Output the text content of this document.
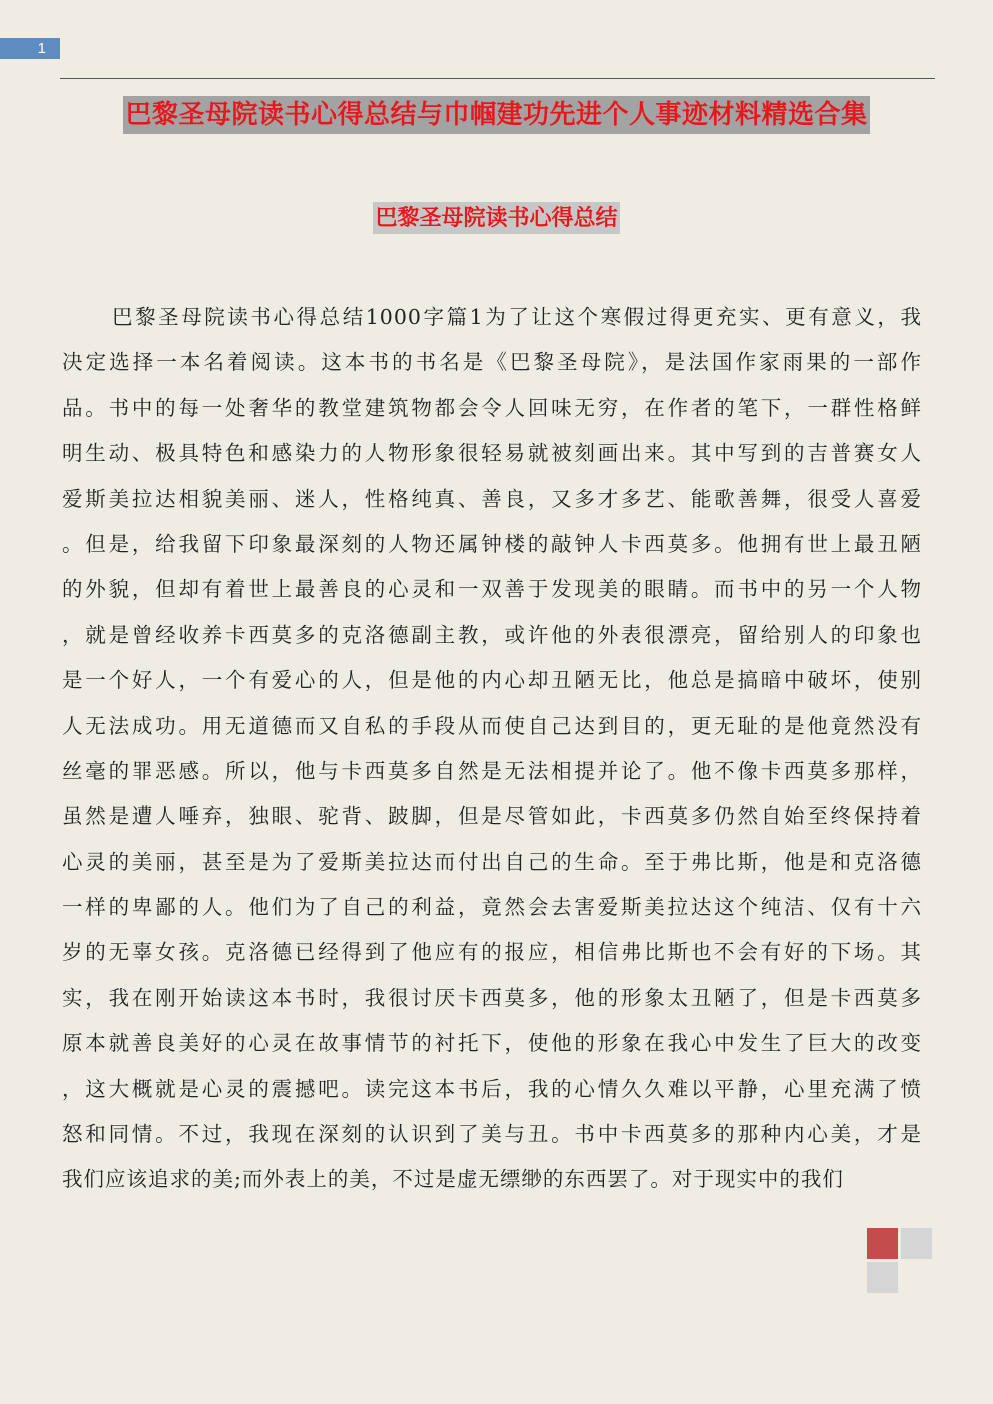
1
巴黎圣母院读书心得总结与巾帼建功先进个人事迹材料精选合集
巴黎圣母院读书心得总结
巴黎圣母院读书心得总结1000字篇1为了让这个寒假过得更充实、更有意义，我
决定选择一本名着阅读。这本书的书名是《巴黎圣母院》，是法国作家雨果的一部作
品。书中的每一处奢华的教堂建筑物都会令人回味无穷，在作者的笔下，一群性格鲜
明生动、极具特色和感染力的人物形象很轻易就被刻画出来。其中写到的吉普赛女人
爱斯美拉达相貌美丽、迷人，性格纯真、善良，又多才多艺、能歌善舞，很受人喜爱
。但是，给我留下印象最深刻的人物还属钟楼的敲钟人卡西莫多。他拥有世上最丑陋
的外貌，但却有着世上最善良的心灵和一双善于发现美的眼睛。而书中的另一个人物
，就是曾经收养卡西莫多的克洛德副主教，或许他的外表很漂亮，留给别人的印象也
是一个好人，一个有爱心的人，但是他的内心却丑陋无比，他总是搞暗中破坏，使别
人无法成功。用无道德而又自私的手段从而使自己达到目的，更无耻的是他竟然没有
丝毫的罪恶感。所以，他与卡西莫多自然是无法相提并论了。他不像卡西莫多那样，
虽然是遭人唾弃，独眼、驼背、跛脚，但是尽管如此，卡西莫多仍然自始至终保持着
心灵的美丽，甚至是为了爱斯美拉达而付出自己的生命。至于弗比斯，他是和克洛德
一样的卑鄙的人。他们为了自己的利益，竟然会去害爱斯美拉达这个纯洁、仅有十六
岁的无辜女孩。克洛德已经得到了他应有的报应，相信弗比斯也不会有好的下场。其
实，我在刚开始读这本书时，我很讨厌卡西莫多，他的形象太丑陋了，但是卡西莫多
原本就善良美好的心灵在故事情节的衬托下，使他的形象在我心中发生了巨大的改变
，这大概就是心灵的震撼吧。读完这本书后，我的心情久久难以平静，心里充满了愤
怒和同情。不过，我现在深刻的认识到了美与丑。书中卡西莫多的那种内心美，才是
我们应该追求的美;而外表上的美，不过是虚无缥缈的东西罢了。对于现实中的我们
